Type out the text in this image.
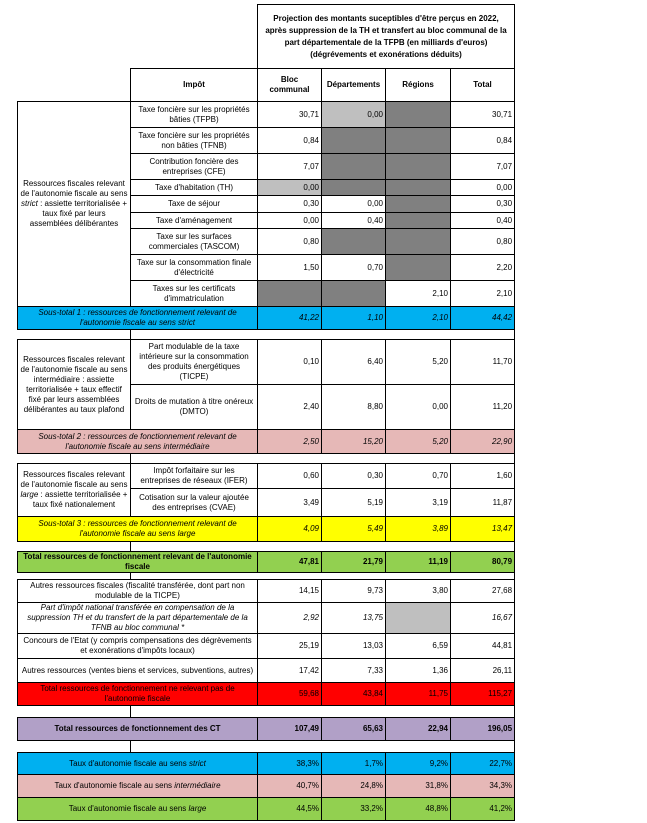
		Projection des montants suceptibles d'être perçus en 2022, après suppression de la TH et transfert au bloc communal de la part départementale de la TFPB (en milliards d'euros) (dégrévements et exonérations déduits)			
	Impôt	Bloc communal	Départements	Régions	Total
Ressources fiscales relevant de l'autonomie fiscale au sens strict : assiette territorialisée + taux fixé par leurs assemblées délibérantes	Taxe foncière sur les propriétés bâties (TFPB)	30,71	0,00		30,71
	Taxe foncière sur les propriétés non bâties (TFNB)	0,84			0,84
	Contribution foncière des entreprises (CFE)	7,07			7,07
	Taxe d'habitation (TH)	0,00			0,00
	Taxe de séjour	0,30	0,00		0,30
	Taxe d'aménagement	0,00	0,40		0,40
	Taxe sur les surfaces commerciales (TASCOM)	0,80			0,80
	Taxe sur la consommation finale d'électricité	1,50	0,70		2,20
	Taxes sur les certificats d'immatriculation			2,10	2,10
Sous-total 1 : ressources de fonctionnement relevant de l'autonomie fiscale au sens strict		41,22	1,10	2,10	44,42

Ressources fiscales relevant de l'autonomie fiscale au sens intermédiaire : assiette territorialisée + taux effectif fixé par leurs assemblées délibérantes au taux plafond	Part modulable de la taxe intérieure sur la consommation des produits énergétiques (TICPE)	0,10	6,40	5,20	11,70
	Droits de mutation à titre onéreux (DMTO)	2,40	8,80	0,00	11,20
Sous-total 2 : ressources de fonctionnement relevant de l'autonomie fiscale au sens intermédiaire		2,50	15,20	5,20	22,90

Ressources fiscales relevant de l'autonomie fiscale au sens large : assiette territorialisée + taux fixé nationalement	Impôt forfaitaire sur les entreprises de réseaux (IFER)	0,60	0,30	0,70	1,60
	Cotisation sur la valeur ajoutée des entreprises (CVAE)	3,49	5,19	3,19	11,87
Sous-total 3 : ressources de fonctionnement relevant de l'autonomie fiscale au sens large		4,09	5,49	3,89	13,47

Total ressources de fonctionnement relevant de l'autonomie fiscale		47,81	21,79	11,19	80,79

Autres ressources fiscales (fiscalité transférée, dont part non modulable de la TICPE)		14,15	9,73	3,80	27,68
Part d'impôt national transférée en compensation de la suppression TH et du transfert de la part départementale de la TFNB au bloc communal *		2,92	13,75		16,67
Concours de l'Etat (y compris compensations des dégrèvements et exonérations d'impôts locaux)		25,19	13,03	6,59	44,81
Autres ressources (ventes biens et services, subventions, autres)		17,42	7,33	1,36	26,11
Total ressources de fonctionnement ne relevant pas de l'autonomie fiscale		59,68	43,84	11,75	115,27

Total ressources de fonctionnement des CT		107,49	65,63	22,94	196,05

Taux d'autonomie fiscale au sens strict		38,3%	1,7%	9,2%	22,7%
Taux d'autonomie fiscale au sens intermédiaire		40,7%	24,8%	31,8%	34,3%
Taux d'autonomie fiscale au sens large		44,5%	33,2%	48,8%	41,2%
